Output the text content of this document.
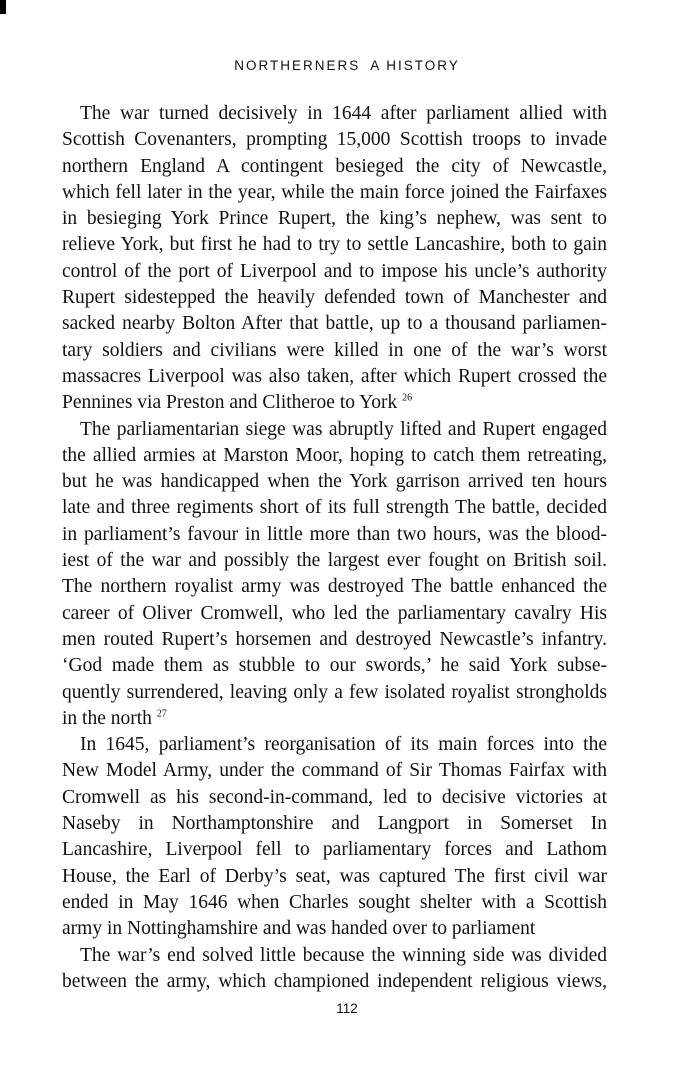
NORTHERNERS A HISTORY
The war turned decisively in 1644 after parliament allied with
Scottish Covenanters, prompting 15,000 Scottish troops to invade
northern England A contingent besieged the city of Newcastle,
which fell later in the year, while the main force joined the Fairfaxes
in besieging York Prince Rupert, the king’s nephew, was sent to
relieve York, but first he had to try to settle Lancashire, both to gain
control of the port of Liverpool and to impose his uncle’s authority
Rupert sidestepped the heavily defended town of Manchester and
sacked nearby Bolton After that battle, up to a thousand parliamen-
tary soldiers and civilians were killed in one of the war’s worst
massacres Liverpool was also taken, after which Rupert crossed the
Pennines via Preston and Clitheroe to York $^{26}$
The parliamentarian siege was abruptly lifted and Rupert engaged
the allied armies at Marston Moor, hoping to catch them retreating,
but he was handicapped when the York garrison arrived ten hours
late and three regiments short of its full strength The battle, decided
in parliament’s favour in little more than two hours, was the blood-
iest of the war and possibly the largest ever fought on British soil.
The northern royalist army was destroyed The battle enhanced the
career of Oliver Cromwell, who led the parliamentary cavalry His
men routed Rupert’s horsemen and destroyed Newcastle’s infantry.
‘God made them as stubble to our swords,’ he said York subse-
quently surrendered, leaving only a few isolated royalist strongholds
in the north $^{27}$
In 1645, parliament’s reorganisation of its main forces into the
New Model Army, under the command of Sir Thomas Fairfax with
Cromwell as his second-in-command, led to decisive victories at
Naseby in Northamptonshire and Langport in Somerset In
Lancashire, Liverpool fell to parliamentary forces and Lathom
House, the Earl of Derby’s seat, was captured The first civil war
ended in May 1646 when Charles sought shelter with a Scottish
army in Nottinghamshire and was handed over to parliament
The war’s end solved little because the winning side was divided
between the army, which championed independent religious views,
112
